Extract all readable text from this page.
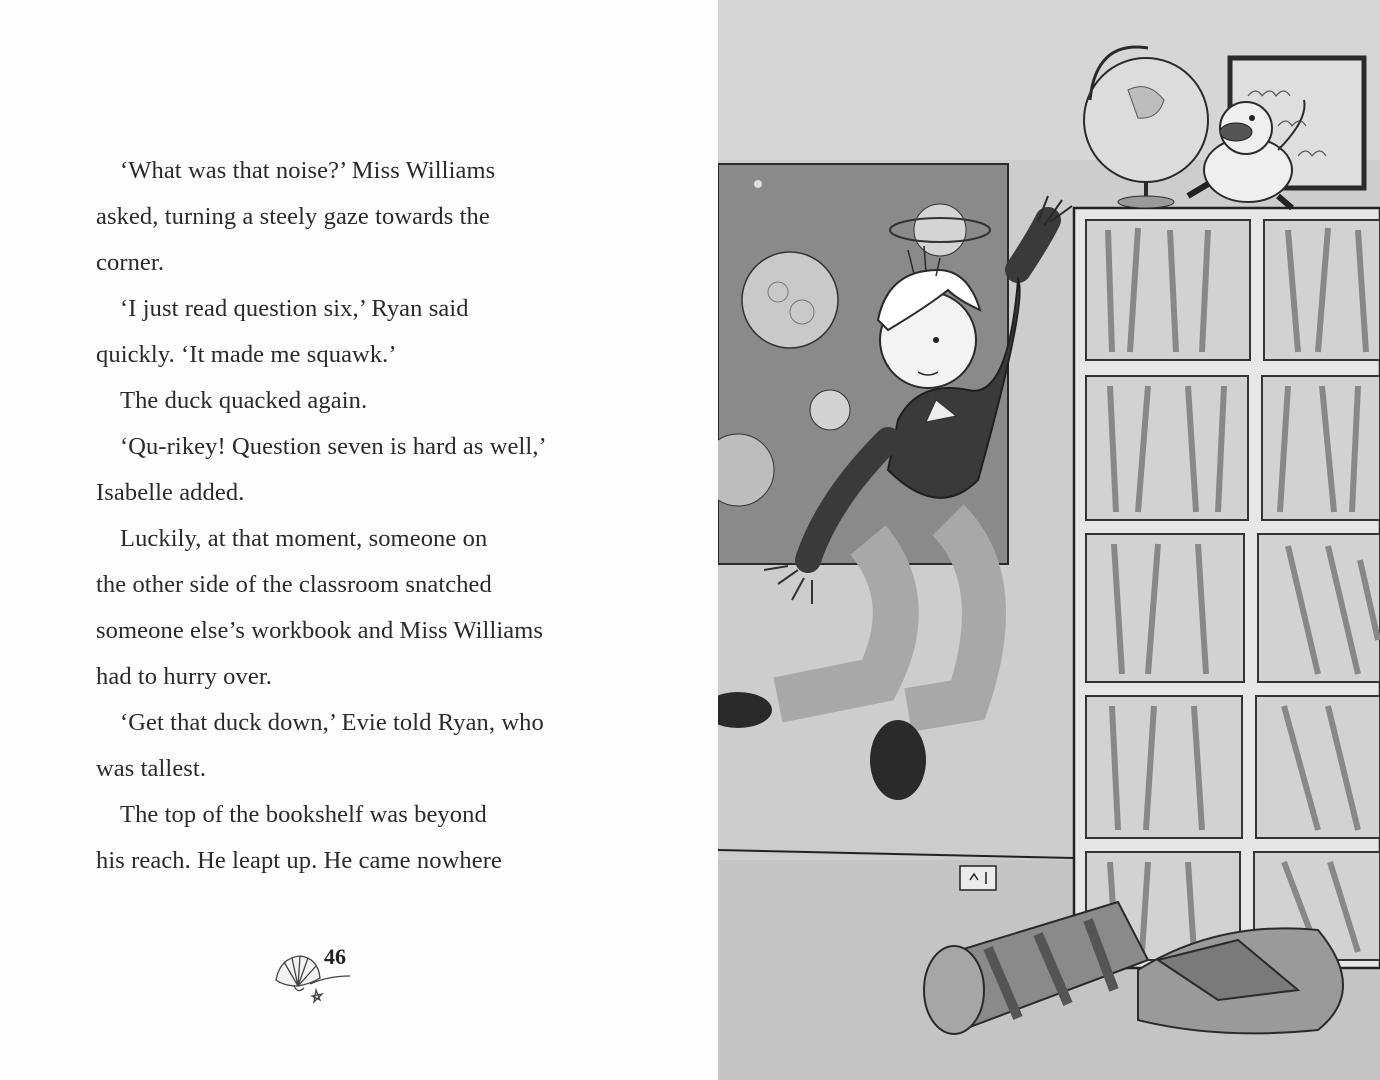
‘What was that noise?’ Miss Williams
asked, turning a steely gaze towards the
corner.

‘I just read question six,’ Ryan said
quickly. ‘It made me squawk.’

The duck quacked again.

‘Qu-rikey! Question seven is hard as well,’
Isabelle added.

Luckily, at that moment, someone on
the other side of the classroom snatched
someone else’s workbook and Miss Williams
had to hurry over.

‘Get that duck down,’ Evie told Ryan, who
was tallest.

The top of the bookshelf was beyond
his reach. He leapt up. He came nowhere

46
